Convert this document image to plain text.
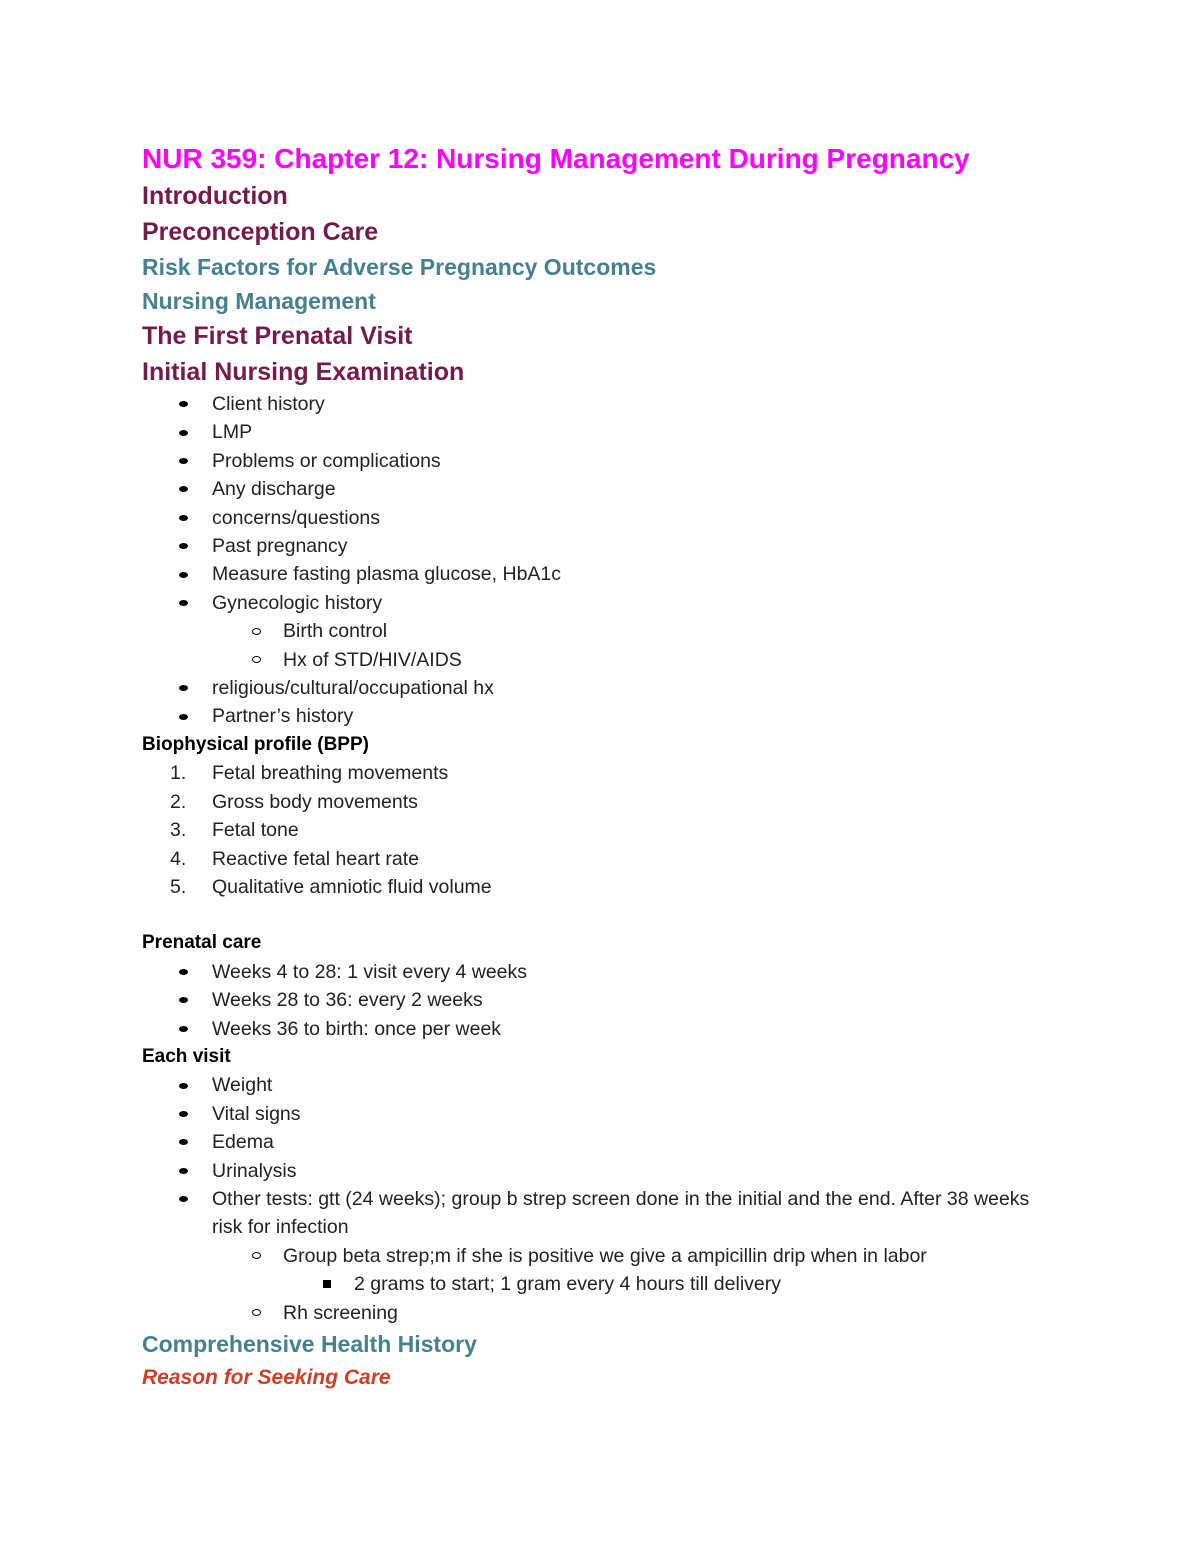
NUR 359: Chapter 12: Nursing Management During Pregnancy

Introduction

Preconception Care

Risk Factors for Adverse Pregnancy Outcomes

Nursing Management

The First Prenatal Visit

Initial Nursing Examination

Client history
LMP
Problems or complications
Any discharge
concerns/questions
Past pregnancy
Measure fasting plasma glucose, HbA1c
Gynecologic history
Birth control
Hx of STD/HIV/AIDS
religious/cultural/occupational hx
Partner’s history

Biophysical profile (BPP)

1.	Fetal breathing movements
2.	Gross body movements
3.	Fetal tone
4.	Reactive fetal heart rate
5.	Qualitative amniotic fluid volume

Prenatal care

Weeks 4 to 28: 1 visit every 4 weeks
Weeks 28 to 36: every 2 weeks
Weeks 36 to birth: once per week

Each visit

Weight
Vital signs
Edema
Urinalysis
Other tests: gtt (24 weeks); group b strep screen done in the initial and the end. After 38 weeks risk for infection
Group beta strep;m if she is positive we give a ampicillin drip when in labor
2 grams to start; 1 gram every 4 hours till delivery
Rh screening

Comprehensive Health History

Reason for Seeking Care
